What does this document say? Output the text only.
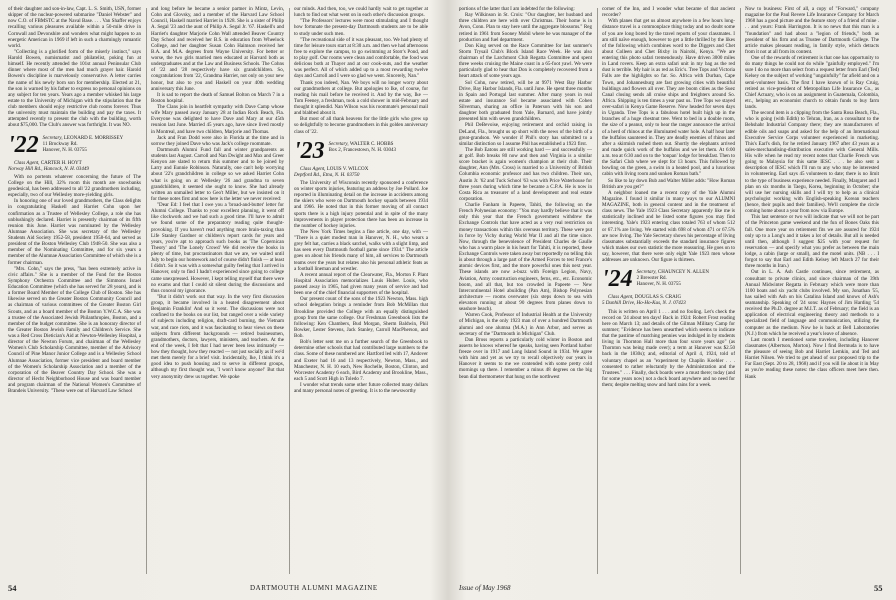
of their daughter and son-in-law, Capt. L. S. Smith, USN, former skipper of the nuclear-powered submarine "Daniel Webster" and now C.O. of FBMSTC at the Naval Base. . . . Van Shaffer enjoys recalling various pleasures available within a 50-mile drive in Cornwall and Devonshire and wonders what might happen to an energetic American in 1969 if left in such a charmingly romantic world.

"Collecting is a glorified form of the miserly instinct," says Harold Bowen, numismatist and philatelist, poking fun at himself. He recently attended the 101st annual Peninsular Club dinner where most of the men had much grayer hair. Harold Bowen's discipline is marvelously conservative. A letter carries the name of his newly born son for membership. Elected at 21, the son is warned by his father to express no personal opinions on any subject for ten years. Years ago a member whisked his large estate to the University of Michigan with the stipulation that the club members should enjoy restrictive club rooms forever. Thus the university must maintain the building and pay the taxes. It attempted recently to present the club with the building, worth about $75,000. The Club's answer was forthright. It was NO.

'22 Secretary, LEONARD E. MORRISSEY
11 Brockway Rd.
Hanover, N. H. 03755

Class Agent, CARTER H. HOYT

Norway Hill Rd., Hancock, N. H. 03449

With no portents whatever concerning the future of The College on the Hill, 32% room this month are snowbanks geodesical, has been addressed to all '22 grandmothers including, especially, two of our Wellesley more-yielding girls.

In honoring one of our loved grandmothers, the Class delights in congratulating Haskell and Harriet Cohn upon her confirmation as a Trustee of Wellesley College, a role she has unblushingly declared. Harriet is presently chairman of its fifth reunion this June. Harriet was nominated by the Wellesley Alumnae Association. She was secretary of the Wellesley Students Aid Society 1952-58, president 1958-64, and served as president of the Boston Wellesley Club 1948-50. She was also a member of the Nominating Committee, and for six years a member of the Alumnae Association Committee of which she is a former chairman.

"Mrs. Cohn," says the press, "has been extremely active in civic affairs." She is a member of the Fund for the Boston Symphony Orchestra Committee and the Simmons Israel Education Committee (which she has served for 28 years), and is a former Board Member of the College Club of Boston. She has likewise served on the Greater Boston Community Council and as chairman of various committees of the Greater Boston Girl Scouts, and as a board member of the Boston Y.W.C.A. She was a trustee of the Associated Jewish Philanthropies, Boston, and a member of the budget committee. She is an honorary director of the Greater Boston Jewish Family and Children's Service. She was a Red Cross Dietician's Aid at Newton-Wellesley Hospital, a director of the Newton Forum, and chairman of the Wellesley Women's Club Scholarship Committee, member of the Advisory Council of Pine Manor Junior College and is a Wellesley School Alumnae Association, former vice president and board member of the Women's Scholarship Association and a member of the corporation of the Beaver Country Day School. She was a director of Hecht Neighborhood House and was board member and program chairman of the National Women's Committee of Brandeis University. "These were out of Harvard Law School

and long before he became a senior partner in Mintz, Levin, Cohn and Glovsky, and a member of the Harvard Law School Council, Haskell married Harriet in 1928. She is a sister of Philip A. Segal '23 and the aunt of Philip A. Segal Jr. '67. Haskell's and Harriet's daughter Marjorie Cohn Wall attended Beaver Country Day School and received her B.S. in education from Wheelock College, and her daughter Susan Cohn Haimson received her B.A. and M.A. degrees from Wayne University. For better or worse, the two girls married men educated at Harvard both as undergraduates and at the Law and Business Schools. The Cohns of '22 and '28 respectively have six grandchildren. So, congratulations from '22, Grandma Harriet, not only on your new honor, but also to you and Haskell on your 40th wedding anniversary this June.

It is sad to report the death of Samuel Bolton on March 7 in a Boston hospital.

The Clans join in heartfelt sympathy with Dave Camp whose wife Mary passed away January 28 at Indian Rock Beach, Fla. Everyone was delighted to have Dave and Mary at our 45th reunion last June. Married 45 years ago, have since lived mostly in Montreal, and have two children, Marjorie and Thomas.

Jack and Fran Dodd were also in Florida at the time and in sorrow they joined Dave who was Jack's college roommate.

Dartmouth Alumni Fund fall and winter grandparents as students last August. Carroll and Nan Dwight and Max and Greer Kenyon are slated to return this summer and to be joined by Larry and Eunnie Robinson. Naturally, one can't help worrying about '22's grandchildren in college so we asked Harriet Cohn what is going on at Wellesley '26 and grandma to seven grandchildren, it seemed she ought to know. She had already written an unmailed letter to Geo't Miller, but we insisted on it for these notes first and now here is the letter we never received:

"Dear Ed: I feel that I owe you a 'broad-and-butter' letter for Alumni College. Thanks to your excellent planning, it went off like clockwork and we had such a good time. I'll have to admit we found some of the preparatory reading quite thought-provoking. If you haven't read anything more brain-taxing than Life Stanley Gardner or children's report cards for years and years, you're apt to approach such books as 'The Copernican Theory' and 'The Lonely Crowd' We did receive the books in plenty of time, but procrastinators that we are, we waited until July to begin our homework and of course didn't finish — at least I didn't. So it was with a somewhat guilty feeling that I arrived in Hanover, only to find I hadn't experienced since going to college came unexpressed. However, I kept telling myself that there were no exams and that I could sit silent during the discussions and thus conceal my ignorance.

"But it didn't work out that way. In the very first discussion group, it became involved in a heated disagreement about Benjamin Franklin! And so it went. The discussions were not confined to the books on our list, but ranged over a wide variety of subjects including religion, draft-card burning, the Vietnam war, and race riots, and it was fascinating to hear views on these subjects from different backgrounds — retired businessmen, grandmothers, doctors, lawyers, ministers, and teachers. At the end of the week, I felt that I had never been less intimately — how they thought, how they reacted — not just socially as if we'd met them merely for a brief visit. Incidentally, Ike, I think it's a good idea to push housing and to serve in different groups, although my first thought was, 'I won't know anyone!' But that very anonymity drew us together. We spoke

our minds. And then, too, we could hardly wait to get together at lunch to find out what went on in each other's discussion groups.

"The Professors' lectures were most stimulating and I thought how fortunate the present-day Dartmouth students are to be able to study under such men.

"The recreational side of it was pleasant, too. We had plenty of time for leisure tours start at 8:30 a.m. and then we had afternoons free to explore the campus, to go swimming at Storr's Pond, and to play golf. Our rooms were clean and comfortable, the food was delicious both at Thayer and at our cook-outs, and the weather was perfect. All of which added up to a most rewarding twelve days and Carroll and I were so glad we went. Sincerely, Nan."

Thank you indeed, Nan. We boys will no longer worry about our grandmothers at college. But apologies to Ike, of course, for reading his mail before he received it. And by the way, Ike — Tom Feeney, a freshman, took a cold shower in mid-February and thought it splendid. Nan Wilson was his roommate's personal mail and blabbed about it.

But most of all thank heavens for the little girls who grew up so delightfully to become grandmothers in this golden anniversary class of '22.

'23 Secretary, WALTER C. HOBBS
Box 2, Francestown, N. H. 03043

Class Agent, LOUIS V. WILCOX

Deptford Rd., Etna, N. H. 03750

The University of Wisconsin recently sponsored a conference on winter sports injuries, featuring an address by Joe Pollard. Joe reported in illuminating detail on the increase in accidents among the skiers who were on Dartmouth hockey squads between 1934 and 1966. He noted that in this former moving of all contact sports there is a high injury potential and in spite of the many improvements in player protection there has been an increase in the number of hockey injuries.

The New York Times begins a fine article, one day, with — "There is a quiet modest man in Hanover, N. H., who wears a grey felt hat, carries a black satchel, walks with a slight limp, and has seen every Dartmouth football game since 1934." The article goes on about his friends many of him, all services to Dartmouth teams over the years but relates also his personal athletic feats as a football lineman and wrestler.

A recent annual report of the Clearwater, Fla., Morton F. Plant Hospital Association memorializes Louis Huber. Louis, who passed away in 1965, had given many years of service and had been one of the chief financial supporters of the hospital.

Our present count of the sons of the 1923 Newton, Mass. high school delegation brings a reminder from Bob McMillan that Brookline provided the College with an equally distinguished group from the same college. Our Freshman Greenbook lists the following: Ken Chambers, Bud Morgan, Sherm Baldwin, Phil Bowker, Lester Stevens, Jack Stanley, Carroll MacPherson, and Bob.

Bob's letter sent me on a further search of the Greenbook to determine other schools that had contributed large numbers to the class. Some of these numbered are: Hartford led with 17, Andover and Exeter had 16 and 13 respectively, Newton, Mass., and Manchester, N. H. 10 each, New Rochelle, Boston, Clinton, and Worcester Academy 6 each, Bird Academy and Brookline, Mass., each 5 and Scott High in Toledo 7.

I wonder what trends some other future collected many dollars and many personal notes of greeting. It is to the newsworthy

54	DARTMOUTH ALUMNI MAGAZINE

portions of the latter that I am indebted for the following:

Ray Wilkinson in St. Croix: "Our daughter, her husband and three children are here with over Christmas. Their home is in Avon, Conn. Plan to stay here until the aggregate blossoms." Reg retired in 1961 from Sooney Mobil where he was manager of the production and fuel department.

Don King served on the Race Committee for last summer's Storm Trysail Club's Block Island Race Week. He was also chairman of the Larchmont Club Regatta Committee and spent three weeks cruising the Maine coast in a 65-foot yawl. We were particularly glad to hear that Don is completely recovered from a heart attack of some years ago.

Sol Cohn, now retired, will be at 9971 West Bay Harbor Drive, Bay Harbor Islands, Fla. until June. He spent three months in Spain and Portugal last summer. After many years in real estate and insurance Sol became associated with Cohen Silverman, sharing an office in Paterson with his son and daughter both graduated from Yale, Barnard, and have jointly presented him with seven grandchildren.

Phil DeBevoise, enjoying retirement and orchid raising in DeLand, Fla., brought us up short with the news of the birth of a great-grandson. We wonder if Phil's story has submitted to a similar distinction so I assume Phil has established a 1923 first.

The Bob Eatons are still working hard — and successfully — at golf. Bob breaks 80 now and then and Virginia is a similar score bracket is again women's champion at their club. Their daughter, Ann (Mrs. Cross) is married to a University of British Columbia economic professor and has two children. Their son, Austin Jr. '62 and Tuck School '63 was with Price Waterhouse for three years during which time he became a C.P.A. He is now in Costa Rica as treasurer of a land development and real estate corporation.

Charlie Fanham in Papeete, Tahiti, the following on the French Polynesian economy: "You may hardly believe that it was only this year that the French government withdrew the Exchange Controls that have acted as a very real restriction on money transactions within this overseas territory. These were put in force by Vichy during World War II and all the time since. Now, through the benevolence of President Charles de Gaulle who has a warm place in his heart for Tahiti, it is reported, these Exchange Controls were taken away but reportedly no telling this is about through a large part of the Armed Forces to test France's atomic devices first, and the more powerful ones this next year. These islands are now a-buzz with Foreign Legion, Navy, Aviation, Army construction engineers, ferns, etc., etc. Economic boom, and all that, but too crowded in Papeete — New Intercontinental Hotel abuilding (Pan Am), Bishop Polynesian architecture — rooms overwater (six steps down to sea with elevators running at about 90 degrees from planes down to seashore beach).

Warren Cook, Professor of Industrial Health at the University of Michigan, is the only 1923 man of over a hundred Dartmouth alumni and one alumna (M.A.) in Ann Arbor, and serves as secretary of the "Dartmouth in Michigan" Club.

Dan Bross reports a particularly cold winter in Boston and asserts he knows whereof he speaks, having seen Portland harbor freeze over in 1917 and Long Island Sound in 1934. We agree with him and yet as we try to recall objectively our years in Hanover it seems to me we contended with some pretty cold mornings up there. I remember a minus 48 degrees on the big bean dial thermometer that hung on the northwest

corner of the Inn, and I wonder what became of that ancient recorder?

With planes that get us almost anywhere in a few hours long-distance travel is a commonplace thing today and no doubt some of you are long bored by the travel reports of your classmates. I am still naïve enough, however to get a little thrilled by the likes of the following which combines word to the Diggers and Chet about Colleen and Chet Bixby in Nairobi, Kenya. "We are entering this photo safari tremendously. Have driven 3000 miles in Land rovers. Keep an extra safari unit in my bag as the red dust is terrible. My hair is as red as Eric's. Tree Tops and Victoria Falls are the highlights so far. So. Africa with Durban, Cape Town, and Johannesburg are fast growing cities with beautiful buildings and flowers all over. They are boom cities as the Suez Canal closing sends all cruise ships and freighters around So. Africa. Shipping is ten times a year past us. Tree Tops we stayed over-safari in Kenya Game Reserve. Now headed for seven days in Uganda. Tree Tops is a fabulous hotel built high up in the branches of a huge chestnut tree. Went to bed in a double room, the size of a peanut, only to hear the ranger announce the arrival of a herd of rhinos at the illuminated water hole. A half hour later the buffalos sauntered in. They are deadly enemies of rhinos and after a skirmish rushed them out. Shortly the elephants arrived and made quick work of the buffalos and we let them. At 6:00 a.m. tea at 6:30 and on to the 'tonpan' lodge for breakfast. Then to the Safari Club where we slept for 13 hours. This followed by bowling on the green, a swim in a heated pool, and a luxurious cabin with living room and sunken Roman bath."

So like to lay down Bub and Walter Miller adds: "How Roman British are you get?"

A neighbor loaned me a recent copy of the Yale Alumni Magazine. I found it similar in many ways to our ALUMNI MAGAZINE, both in general content and in the treatment of class news. The Yale 1923 Class Secretary apparently like me is statistically inclined and he listed some figures you may find interesting. Yale's 1923 entering class totaled 763 of whom 512 or 67.1% are living. We started with 698 of whom 471 or 67.5% are now living. The Yale Secretary shows his percentage of living classmates substantially exceeds the standard insurance figures which makes our own statistic the more reassuring. He goes on to say, however, that there were only eight Yale 1923 men whose addresses are unknown. Our figure is thirteen.

'24 Secretary, CHAUNCEY N. ALLEN
2 Brewster Rd.
Hanover, N. H. 03755

Class Agent, DOUGLAS S. CRAIG

5 Dunhill Drive, Ho-Ho-Kus, N. J. 07423

This is written on April 1 . . . and no fooling. Let's check the record on '24 about ten days! Back in 1924: Robert Frost reading here on March 13; and details of the Gilman Military Camp for summer; "Evidence has been unearthed which seems to indicate that the pastime of matching pennies was indulged in by students living in Thornton Hall more than four score years ago" (as Thornton was being made over); a term at Hanover was $2.50 back in the 1830s); and, editorial of April 4, 1924, told of voluntary chapel as an "experiment by Chaplin Koehler . . . consented to rather reluctantly by the Administration and the Trustees." . . . Finally, duck boards were a must there; today (and for some years now) not a duck board anywhere and no need for them; despite melting snow and hard rains for a week.

Now to business: First of all, a copy of "Forward," company magazine for the Paul Revere Life Insurance Company for March 1968 has a good picture and the feature story of a friend of mine . . . and yours: Frank Harrington. It is no news that this man is a "foundation" and had about a "legion of friends," both as president of his firm and as Trustee of Dartmouth College. The article makes pleasant reading, in family style, which detracts from it not at all from its content.

One of the rewards of retirement is that one has opportunity to do many things he could not do while "gainfully employed." I'm sure I do no more than select from a request letter from Earl (Ted) Kelsey on the subject of working "ungainfully" far afield and on a semi-volunteer basis. The first I have known of is Ray Cruig, retired as vice-president of Metropolitan Life Insurance Co., as Chief Actuary, who is on an assignment in Guatemala, Colombia, etc., helping an economist church to obtain funds to buy farm lands.

The second item is a clipping from the Santa Rosa Beach, Fla., who is going (with Edith) to Tehran, Iran, as a consultant to the Behshahr Industrial Company there; they are manufacturers of edible oils and soaps and asked for the help of an International Executive Service Corps volunteer experienced in marketing. This's Earl's dish, for he retired January 1967 after 43 years as a sales-merchandising-distribution executive with General Mills. His wife when he read my recent notes that Charlie French was going to Malaysia for this same IESC . . . he also sent a description of IESC which I'll run to any who may be interested in volunteering. Earl says 45 volunteers to date; there is no limit to the type of business experience needed. Finally, Margaret and I plan on six months in Taegu, Korea, beginning in October; she will use her nursing skills and I will try to help as a clinical psychologist working with English-speaking Korean teachers (hence, their pupils and their families). We'll complete the circle coming home about a year from now via Europe.

This last sentence or two will indicate that we will not be part of the Princeton game weekend and the fun of Bones Oaks this fall. One more year on retirement fits we are assured for 1924 only up to a Long's and it takes a lot of details. But all is needed until then, although I suggest $25 with your request for reservation — and specify what you prefer as between the main lodge, a cabin (large or small), and the motel units. (NB . . . I forgot to say that Earl and Edith Kelsey left March 27 for their three months in Iran.)

Out in L. A. Ash Castle continues, since retirement, as consultant to private clinics, and since chairman of the 39th Annual Midwinter Regatta in February which were more than 1100 boats and six yacht clubs involved. My son, Jonathan '55, has sailed with Ash on his Catalina Island and knows of Ash's seamanship. Speaking of '24 sons: Haynes of Jim Harding '54 received the Ph.D. degree at M.I.T. as of February; the field is an application of electrical engineering theory and methods to a specialized field of language and communication, utilizing the computer as the medium. Now he is back at Bell Laboratories (N.J.) from which he received a year's leave of absence.

Last month I mentioned some travelers, including Hanover classmates (Albertson, Morton). Now I find Bermuda is to have the pleasure of seeing Bob and Harriet Lemkin, and Ted and Harriet Nilsen. We tried to get ahead of our proposed trip to the Far East (Sept. 20 to 28, 1968) and if you will lie about it in May as you're reading these notes: the class officers meet here then. Hank

Issue of May 1968	55
